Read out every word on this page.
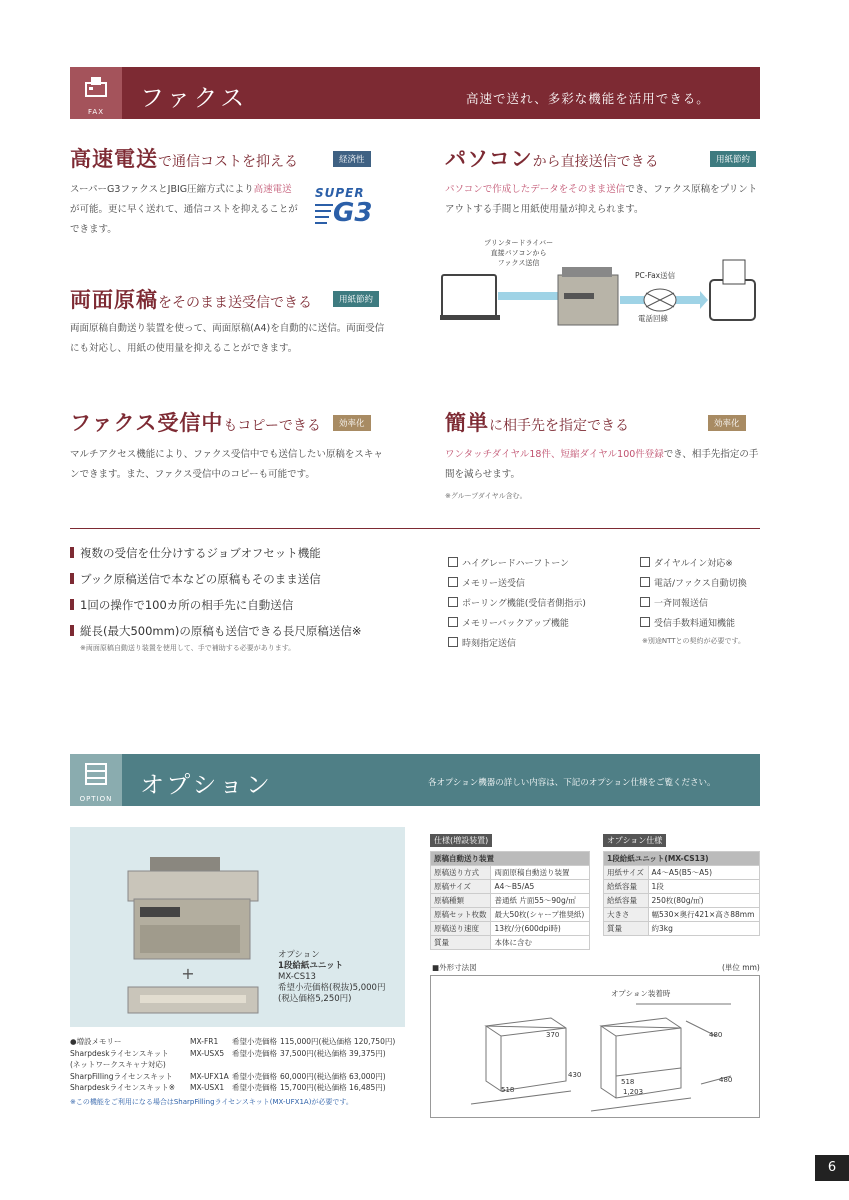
FAX	ファクス	高速で送れ、多彩な機能を活用できる。
高速電送で通信コストを抑える	経済性
スーパーG3ファクスとJBIG圧縮方式により高速電送が可能。更に早く送れて、通信コストを抑えることができます。
SUPER
G3
パソコンから直接送信できる	用紙節約
パソコンで作成したデータをそのまま送信でき、ファクス原稿をプリントアウトする手間と用紙使用量が抑えられます。
プリンタードライバー
直接パソコンから
ファクス送信
PC-Fax送信
電話回線
両面原稿をそのまま送受信できる	用紙節約
両面原稿自動送り装置を使って、両面原稿(A4)を自動的に送信。両面受信にも対応し、用紙の使用量を抑えることができます。
ファクス受信中もコピーできる	効率化
マルチアクセス機能により、ファクス受信中でも送信したい原稿をスキャンできます。また、ファクス受信中のコピーも可能です。
簡単に相手先を指定できる	効率化
ワンタッチダイヤル18件、短縮ダイヤル100件登録でき、相手先指定の手間を減らせます。
※グループダイヤル含む。
複数の受信を仕分けするジョブオフセット機能
ブック原稿送信で本などの原稿もそのまま送信
1回の操作で100カ所の相手先に自動送信
縦長(最大500mm)の原稿も送信できる長尺原稿送信※
※両面原稿自動送り装置を使用して、手で補助する必要があります。
ハイグレードハーフトーン
メモリー送受信
ポーリング機能(受信者側指示)
メモリーバックアップ機能
時刻指定送信
ダイヤルイン対応※
電話/ファクス自動切換
一斉同報送信
受信手数料通知機能
※別途NTTとの契約が必要です。
OPTION	オプション	各オプション機器の詳しい内容は、下記のオプション仕様をご覧ください。
+
オプション
1段給紙ユニット
MX-CS13
希望小売価格(税抜)5,000円
(税込価格5,250円)
●増設メモリー	MX-FR1	希望小売価格 115,000円(税込価格 120,750円)
Sharpdeskライセンスキット	MX-USX5	希望小売価格 37,500円(税込価格 39,375円)
(ネットワークスキャナ対応)
SharpFillingライセンスキット	MX-UFX1A 希望小売価格 60,000円(税込価格 63,000円)
Sharpdeskライセンスキット※	MX-USX1	希望小売価格 15,700円(税込価格 16,485円)
※この機能をご利用になる場合はSharpFillingライセンスキット(MX-UFX1A)が必要です。
仕様(増設装置)
原稿自動送り装置	
原稿送り方式	両面原稿自動送り装置
原稿サイズ	A4～B5/A5
原稿種類	普通紙 片面55～90g/㎡
原稿セット枚数	最大50枚(シャープ推奨紙)
原稿送り速度	13枚/分(600dpi時)
質量	本体に含む
オプション仕様
1段給紙ユニット(MX-CS13)	
用紙サイズ	A4～A5(B5～A5)
給紙容量	1段
給紙容量	250枚(80g/㎡)
大きさ	幅530×奥行421×高さ88mm
質量	約3kg
■外形寸法図	(単位 mm)
オプション装着時
370
430
518
1,203
480
480
518
6
